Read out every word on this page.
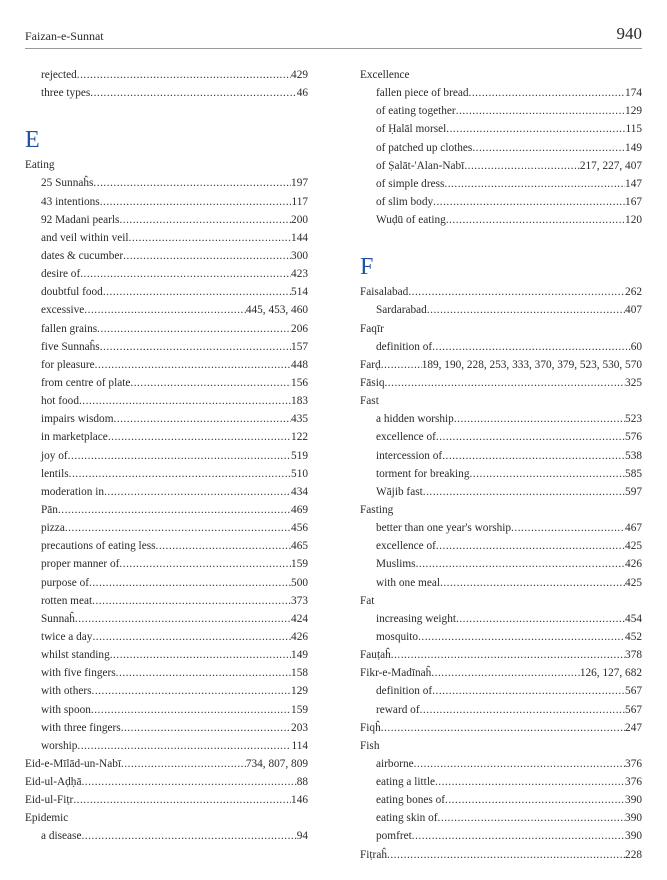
Faizan-e-Sunnat	940
rejected .....	429
three types .....	46
E
Eating
25 Sunnaĥs .....	197
43 intentions .....	117
92 Madani pearls .....	200
and veil within veil .....	144
dates & cucumber .....	300
desire of .....	423
doubtful food .....	514
excessive .....	445, 453, 460
fallen grains .....	206
five Sunnaĥs .....	157
for pleasure .....	448
from centre of plate .....	156
hot food .....	183
impairs wisdom .....	435
in marketplace .....	122
joy of .....	519
lentils .....	510
moderation in .....	434
Pān .....	469
pizza .....	456
precautions of eating less .....	465
proper manner of .....	159
purpose of .....	500
rotten meat .....	373
Sunnaĥ .....	424
twice a day .....	426
whilst standing .....	149
with five fingers .....	158
with others .....	129
with spoon .....	159
with three fingers .....	203
worship .....	114
Eid-e-Mīlād-un-Nabī .....	734, 807, 809
Eid-ul-Aḍḥā .....	88
Eid-ul-Fiṭr .....	146
Epidemic
a disease .....	94
Excellence
fallen piece of bread .....	174
of eating together .....	129
of Ḥalāl morsel .....	115
of patched up clothes .....	149
of Ṣalāt-'Alan-Nabī .....	217, 227, 407
of simple dress .....	147
of slim body .....	167
Wuḍū of eating .....	120
F
Faisalabad .....	262
Sardarabad .....	407
Faqīr
definition of .....	60
Farḍ .....	189, 190, 228, 253, 333, 370, 379, 523, 530, 570
Fāsiq .....	325
Fast
a hidden worship .....	523
excellence of .....	576
intercession of .....	538
torment for breaking .....	585
Wājib fast .....	597
Fasting
better than one year's worship .....	467
excellence of .....	425
Muslims .....	426
with one meal .....	425
Fat
increasing weight .....	454
mosquito .....	452
Fauṭaĥ .....	378
Fikr-e-Madīnaĥ .....	126, 127, 682
definition of .....	567
reward of .....	567
Fiqĥ .....	247
Fish
airborne .....	376
eating a little .....	376
eating bones of .....	390
eating skin of .....	390
pomfret .....	390
Fiṭraĥ .....	228
